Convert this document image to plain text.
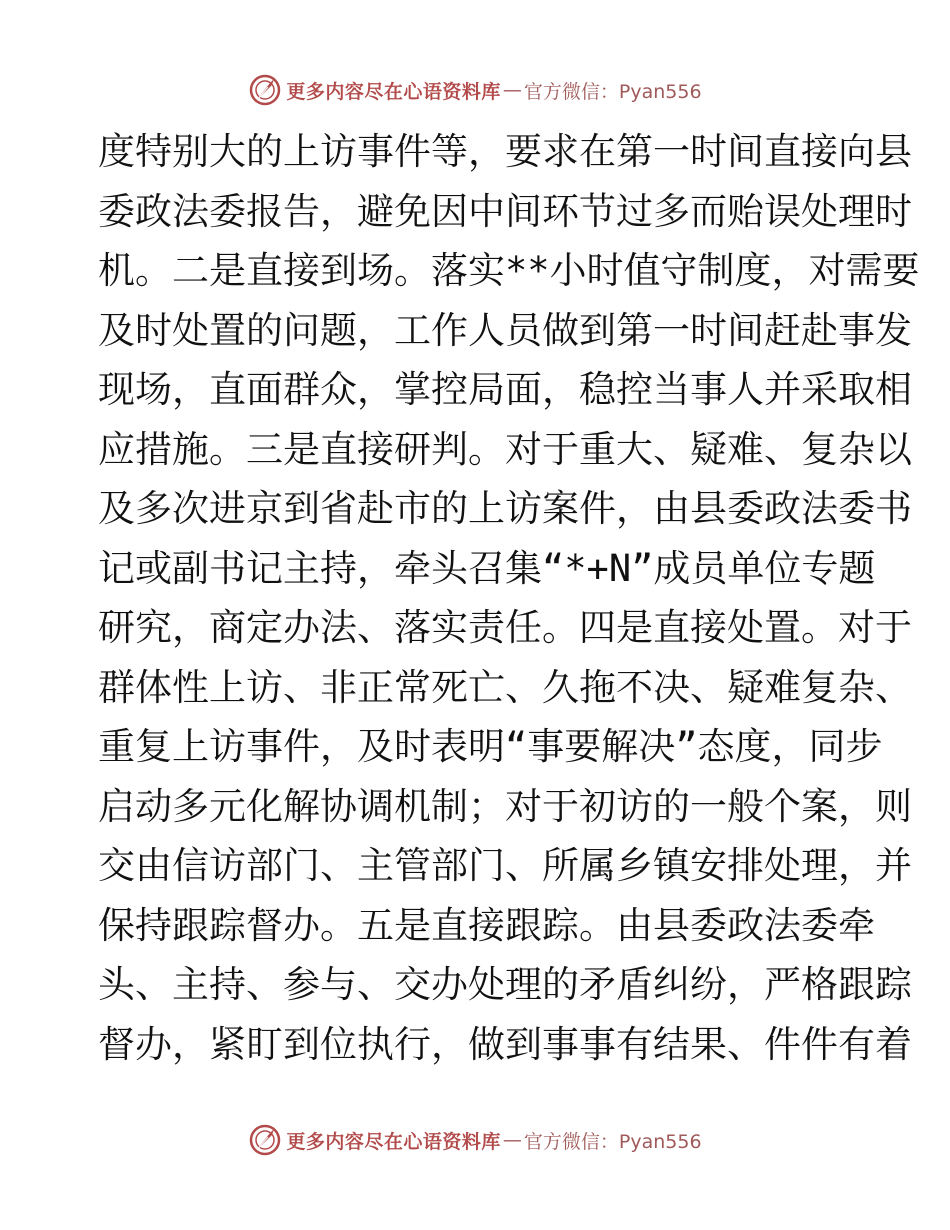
更多内容尽在心语资料库 — 官方微信：Pyan556
度特别大的上访事件等，要求在第一时间直接向县
委政法委报告，避免因中间环节过多而贻误处理时
机。二是直接到场。落实**小时值守制度，对需要
及时处置的问题，工作人员做到第一时间赶赴事发
现场，直面群众，掌控局面，稳控当事人并采取相
应措施。三是直接研判。对于重大、疑难、复杂以
及多次进京到省赴市的上访案件，由县委政法委书
记或副书记主持，牵头召集“*+N”成员单位专题
研究，商定办法、落实责任。四是直接处置。对于
群体性上访、非正常死亡、久拖不决、疑难复杂、
重复上访事件，及时表明“事要解决”态度，同步
启动多元化解协调机制；对于初访的一般个案，则
交由信访部门、主管部门、所属乡镇安排处理，并
保持跟踪督办。五是直接跟踪。由县委政法委牵
头、主持、参与、交办处理的矛盾纠纷，严格跟踪
督办，紧盯到位执行，做到事事有结果、件件有着
更多内容尽在心语资料库 — 官方微信：Pyan556
